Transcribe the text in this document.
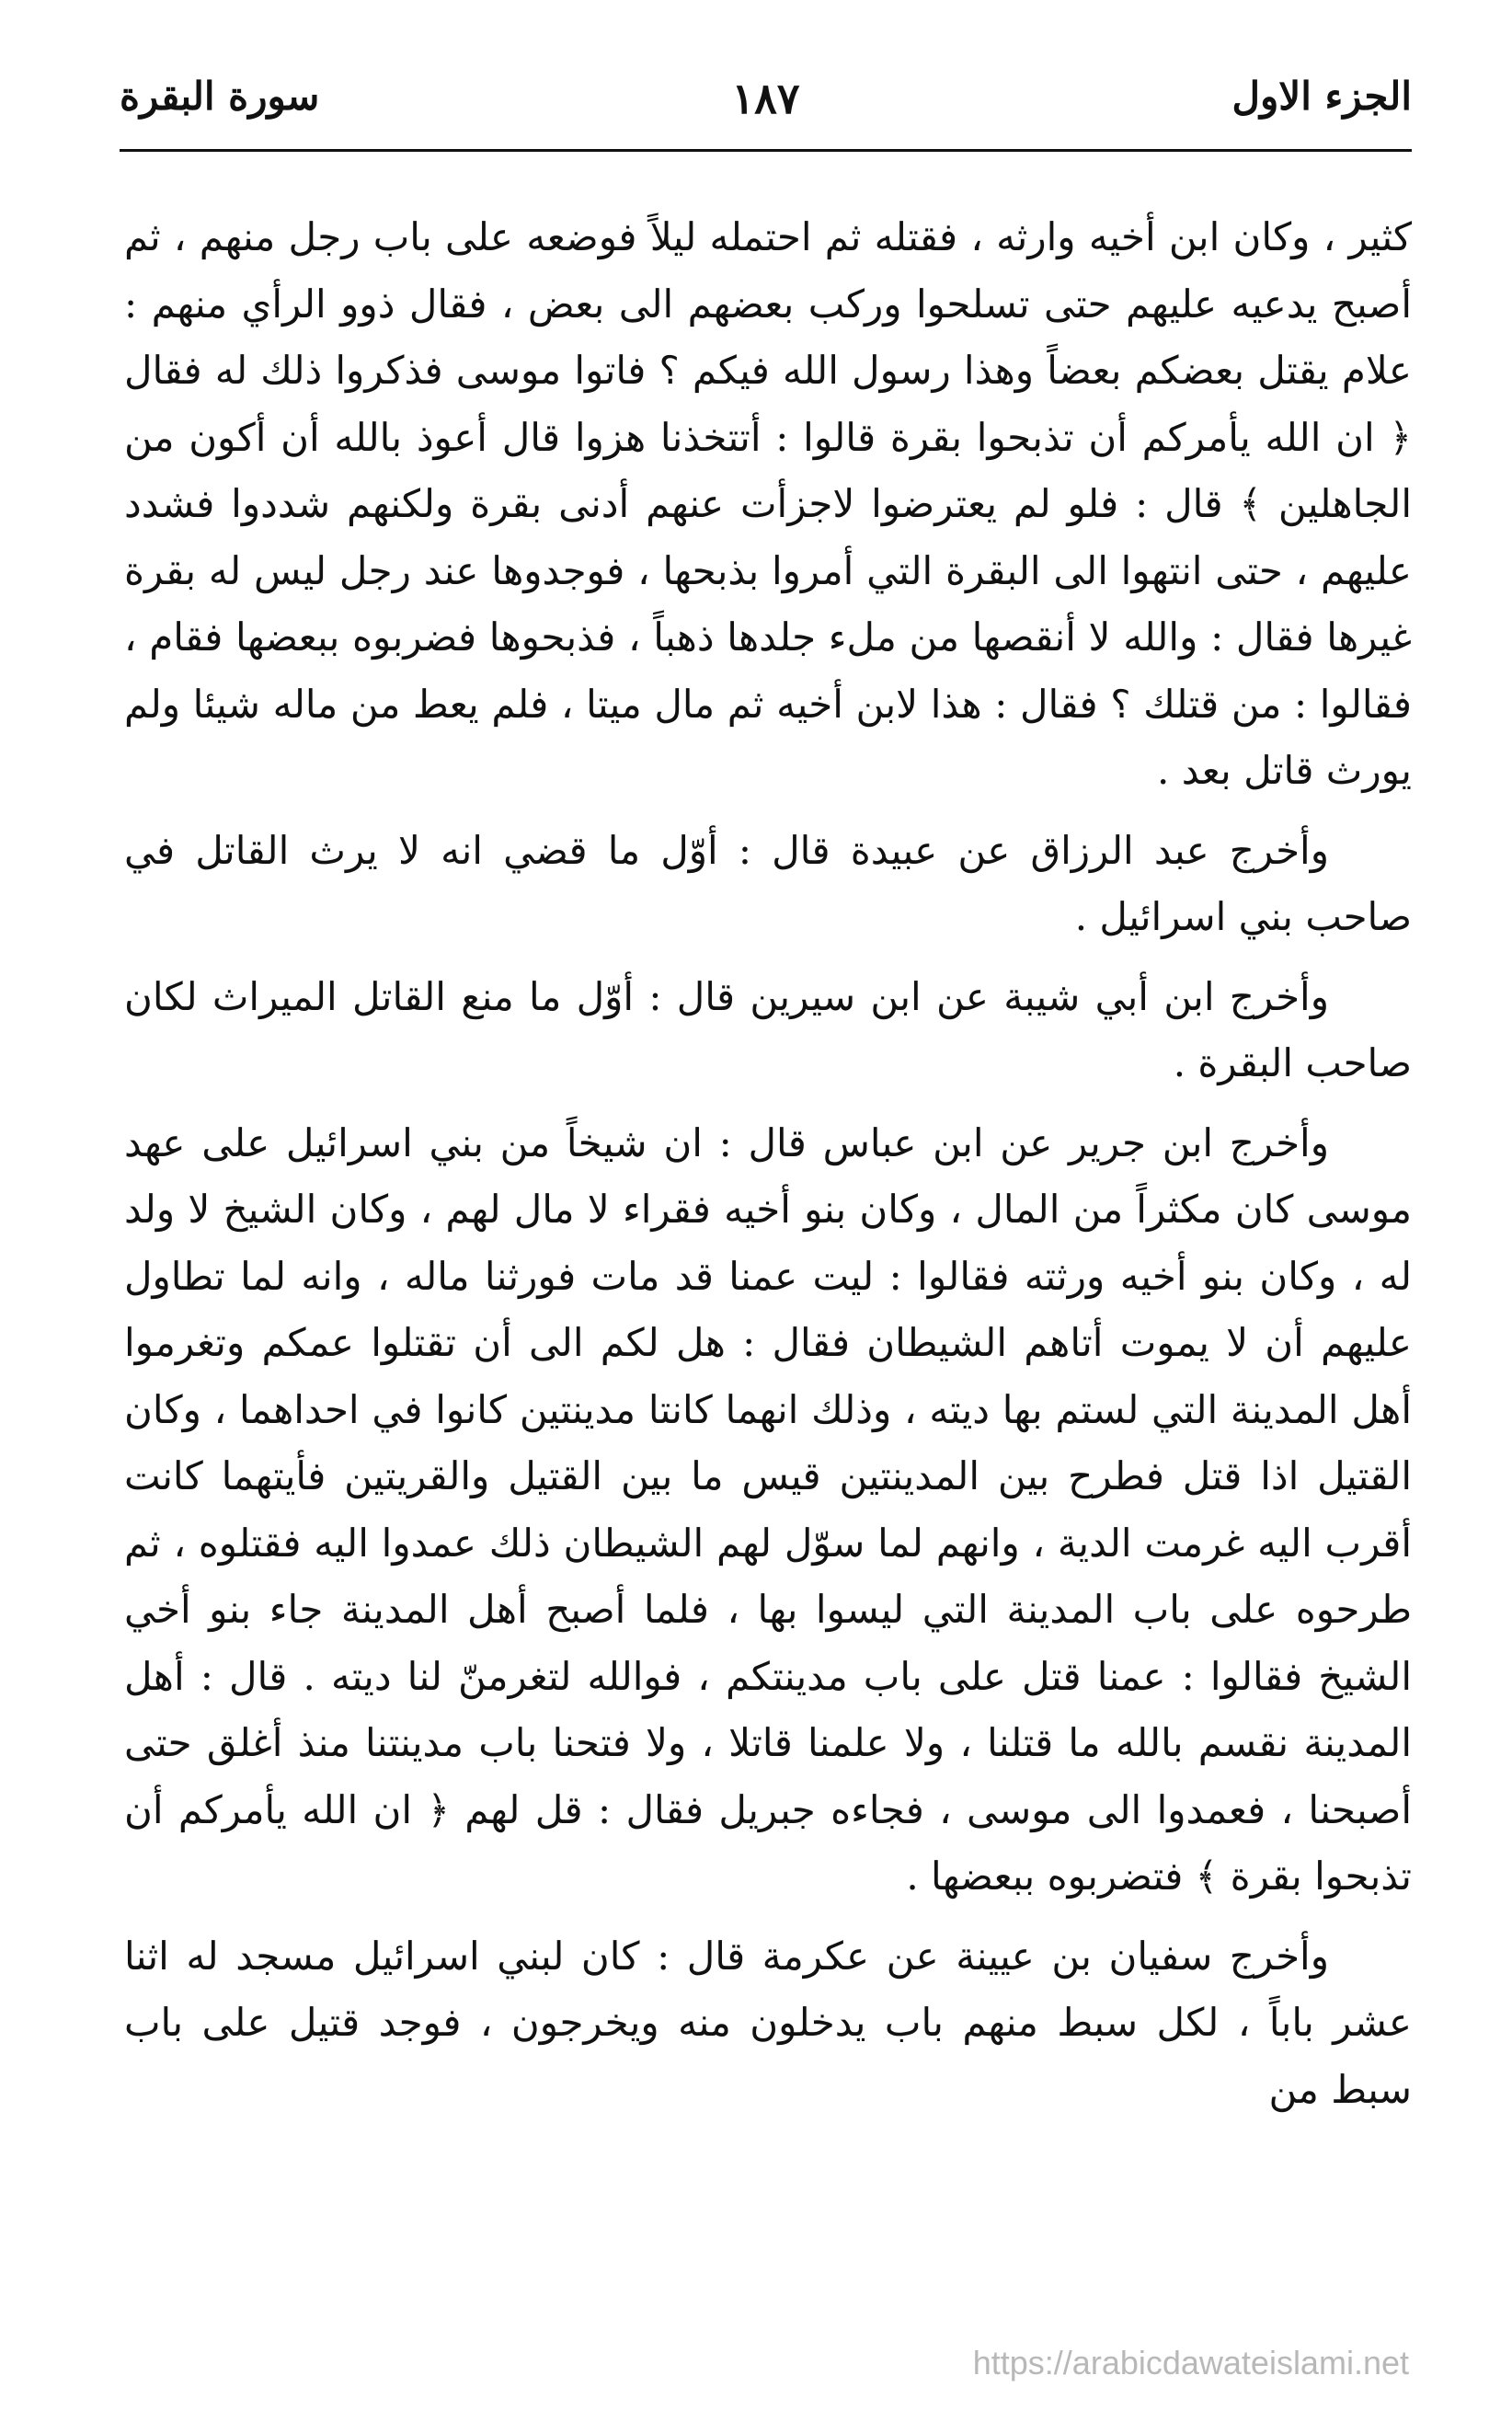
الجزء الاول
١٨٧
سورة البقرة

كثير ، وكان ابن أخيه وارثه ، فقتله ثم احتمله ليلاً فوضعه على باب رجل منهم ، ثم أصبح يدعيه عليهم حتى تسلحوا وركب بعضهم الى بعض ، فقال ذوو الرأي منهم : علام يقتل بعضكم بعضاً وهذا رسول الله فيكم ؟ فاتوا موسى فذكروا ذلك له فقال ﴿ ان الله يأمركم أن تذبحوا بقرة قالوا : أتتخذنا هزوا قال أعوذ بالله أن أكون من الجاهلين ﴾ قال : فلو لم يعترضوا لاجزأت عنهم أدنى بقرة ولكنهم شددوا فشدد عليهم ، حتى انتهوا الى البقرة التي أمروا بذبحها ، فوجدوها عند رجل ليس له بقرة غيرها فقال : والله لا أنقصها من ملء جلدها ذهباً ، فذبحوها فضربوه ببعضها فقام ، فقالوا : من قتلك ؟ فقال : هذا لابن أخيه ثم مال ميتا ، فلم يعط من ماله شيئا ولم يورث قاتل بعد .

وأخرج عبد الرزاق عن عبيدة قال : أوّل ما قضي انه لا يرث القاتل في صاحب بني اسرائيل .

وأخرج ابن أبي شيبة عن ابن سيرين قال : أوّل ما منع القاتل الميراث لكان صاحب البقرة .

وأخرج ابن جرير عن ابن عباس قال : ان شيخاً من بني اسرائيل على عهد موسى كان مكثراً من المال ، وكان بنو أخيه فقراء لا مال لهم ، وكان الشيخ لا ولد له ، وكان بنو أخيه ورثته فقالوا : ليت عمنا قد مات فورثنا ماله ، وانه لما تطاول عليهم أن لا يموت أتاهم الشيطان فقال : هل لكم الى أن تقتلوا عمكم وتغرموا أهل المدينة التي لستم بها ديته ، وذلك انهما كانتا مدينتين كانوا في احداهما ، وكان القتيل اذا قتل فطرح بين المدينتين قيس ما بين القتيل والقريتين فأيتهما كانت أقرب اليه غرمت الدية ، وانهم لما سوّل لهم الشيطان ذلك عمدوا اليه فقتلوه ، ثم طرحوه على باب المدينة التي ليسوا بها ، فلما أصبح أهل المدينة جاء بنو أخي الشيخ فقالوا : عمنا قتل على باب مدينتكم ، فوالله لتغرمنّ لنا ديته . قال : أهل المدينة نقسم بالله ما قتلنا ، ولا علمنا قاتلا ، ولا فتحنا باب مدينتنا منذ أغلق حتى أصبحنا ، فعمدوا الى موسى ، فجاءه جبريل فقال : قل لهم ﴿ ان الله يأمركم أن تذبحوا بقرة ﴾ فتضربوه ببعضها .

وأخرج سفيان بن عيينة عن عكرمة قال : كان لبني اسرائيل مسجد له اثنا عشر باباً ، لكل سبط منهم باب يدخلون منه ويخرجون ، فوجد قتيل على باب سبط من

https://arabicdawateislami.net
